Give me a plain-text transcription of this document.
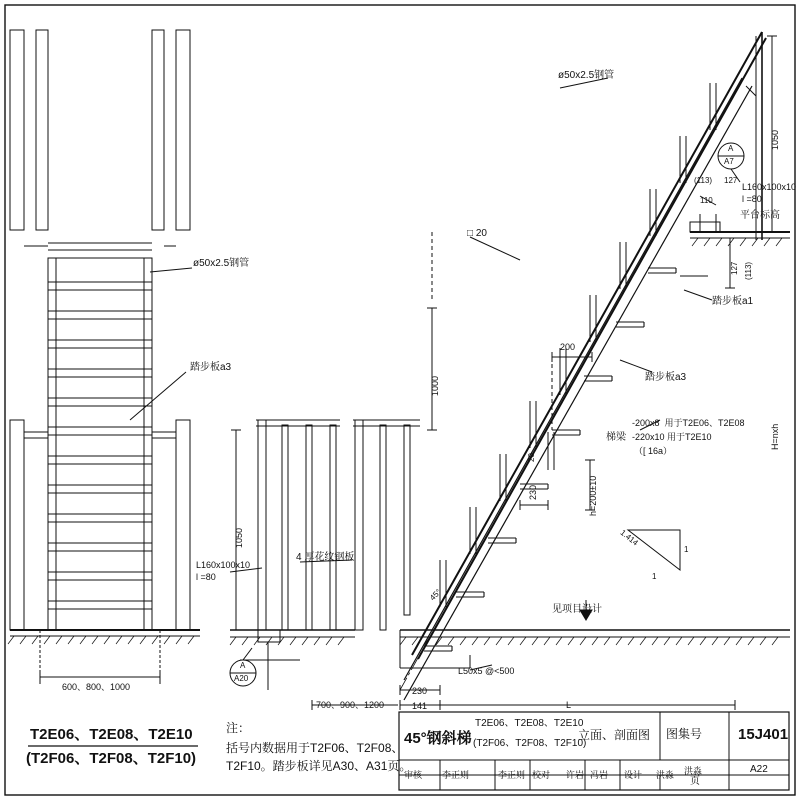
ø50x2.5钢管
ø50x2.5钢管
踏步板a3
踏步板a3
踏步板a1
L160x100x10
l =80
L160x100x10
l =80
平台标高
□ 20
4 厚花纹钢板
梯梁
-200x8  用于T2E06、T2E08
-220x10 用于T2E10
（[ 16a）
见项目设计
L50x5 @<500
1.414
1
1
45°
1050
1050
1000
200
230
230
141	L
h=200±10
H=nxh
127
(113)
110
127 (113)
20
600、800、1000
700、900、1200
A
A7
A
A20
T2E06、T2E08、T2E10
(T2F06、T2F08、T2F10)
注：
括号内数据用于T2F06、T2F08、
T2F10。踏步板详见A30、A31页。
45°钢斜梯
T2E06、T2E08、T2E10
(T2F06、T2F08、T2F10)
立面、剖面图 图集号 15J401
页
A22
审核 李正则	李正则 校对 许岩 冯岩 设计 洪淼 洪淼
